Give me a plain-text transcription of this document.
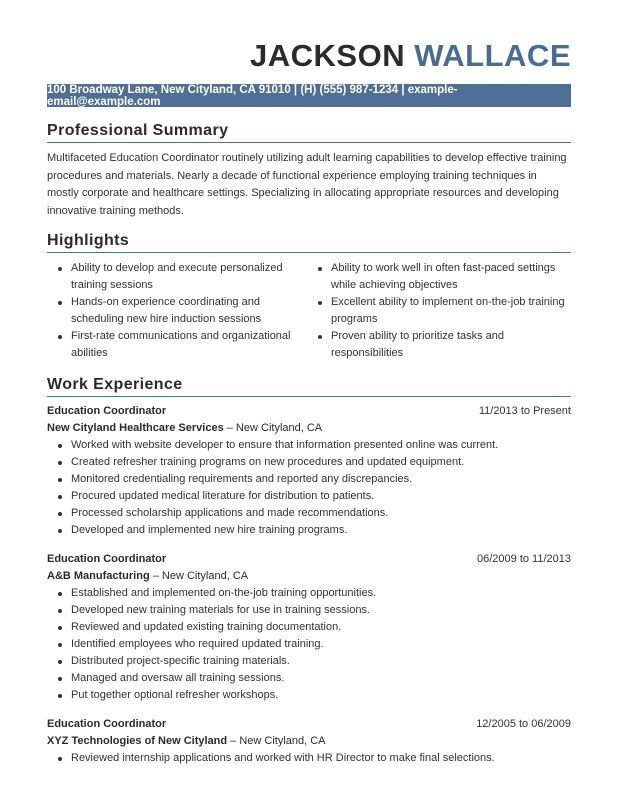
JACKSON WALLACE
100 Broadway Lane, New Cityland, CA 91010 | (H) (555) 987-1234 | example-email@example.com
Professional Summary
Multifaceted Education Coordinator routinely utilizing adult learning capabilities to develop effective training procedures and materials. Nearly a decade of functional experience employing training techniques in mostly corporate and healthcare settings. Specializing in allocating appropriate resources and developing innovative training methods.
Highlights
Ability to develop and execute personalized training sessions
Hands-on experience coordinating and scheduling new hire induction sessions
First-rate communications and organizational abilities
Ability to work well in often fast-paced settings while achieving objectives
Excellent ability to implement on-the-job training programs
Proven ability to prioritize tasks and responsibilities
Work Experience
Education Coordinator	11/2013 to Present
New Cityland Healthcare Services – New Cityland, CA
Worked with website developer to ensure that information presented online was current.
Created refresher training programs on new procedures and updated equipment.
Monitored credentialing requirements and reported any discrepancies.
Procured updated medical literature for distribution to patients.
Processed scholarship applications and made recommendations.
Developed and implemented new hire training programs.
Education Coordinator	06/2009 to 11/2013
A&B Manufacturing – New Cityland, CA
Established and implemented on-the-job training opportunities.
Developed new training materials for use in training sessions.
Reviewed and updated existing training documentation.
Identified employees who required updated training.
Distributed project-specific training materials.
Managed and oversaw all training sessions.
Put together optional refresher workshops.
Education Coordinator	12/2005 to 06/2009
XYZ Technologies of New Cityland – New Cityland, CA
Reviewed internship applications and worked with HR Director to make final selections.
